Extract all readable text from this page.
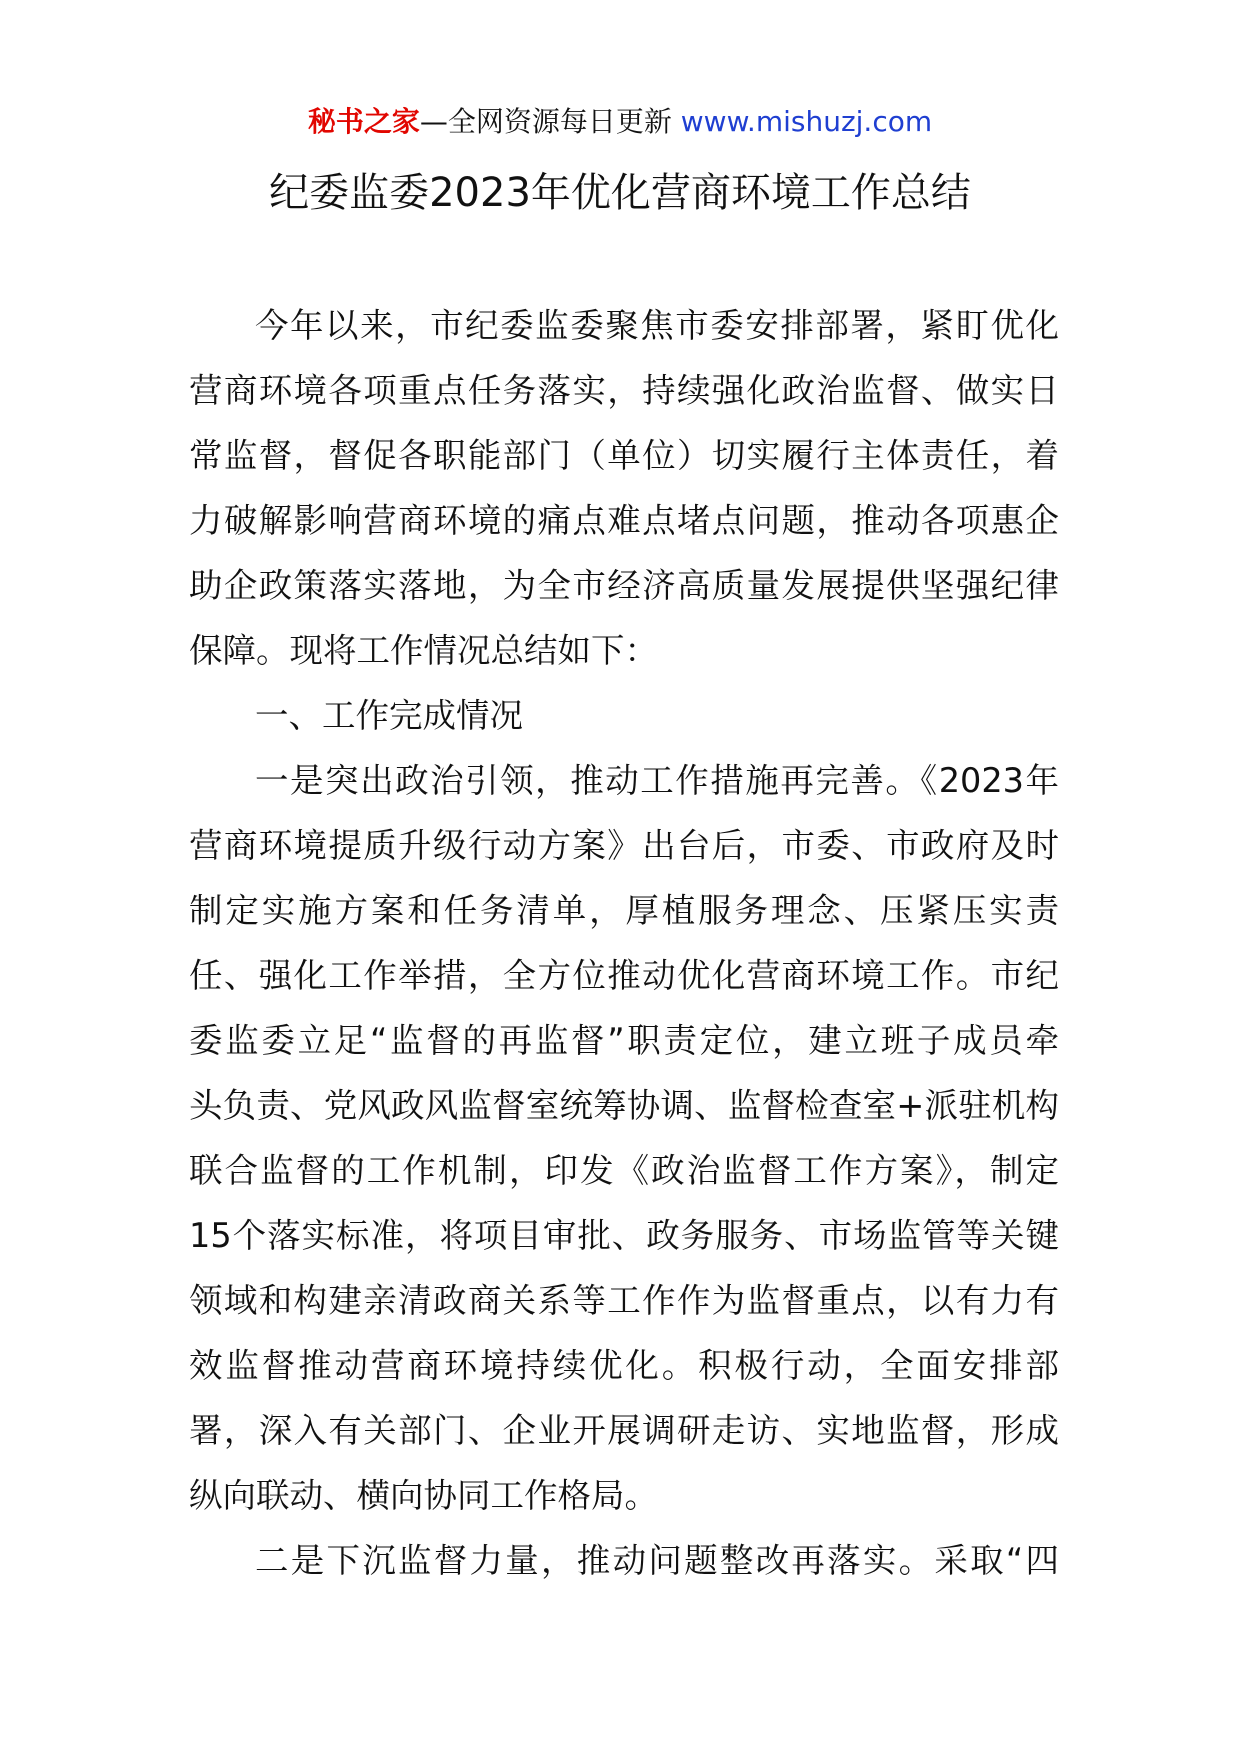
秘书之家—全网资源每日更新 www.mishuzj.com
纪委监委2023年优化营商环境工作总结
今年以来，市纪委监委聚焦市委安排部署，紧盯优化
营商环境各项重点任务落实，持续强化政治监督、做实日
常监督，督促各职能部门（单位）切实履行主体责任，着
力破解影响营商环境的痛点难点堵点问题，推动各项惠企
助企政策落实落地，为全市经济高质量发展提供坚强纪律
保障。现将工作情况总结如下：
一、工作完成情况
一是突出政治引领，推动工作措施再完善。《2023年
营商环境提质升级行动方案》出台后，市委、市政府及时
制定实施方案和任务清单，厚植服务理念、压紧压实责
任、强化工作举措，全方位推动优化营商环境工作。市纪
委监委立足“监督的再监督”职责定位，建立班子成员牵
头负责、党风政风监督室统筹协调、监督检查室+派驻机构
联合监督的工作机制，印发《政治监督工作方案》，制定
15个落实标准，将项目审批、政务服务、市场监管等关键
领域和构建亲清政商关系等工作作为监督重点，以有力有
效监督推动营商环境持续优化。积极行动，全面安排部
署，深入有关部门、企业开展调研走访、实地监督，形成
纵向联动、横向协同工作格局。
二是下沉监督力量，推动问题整改再落实。采取“四
